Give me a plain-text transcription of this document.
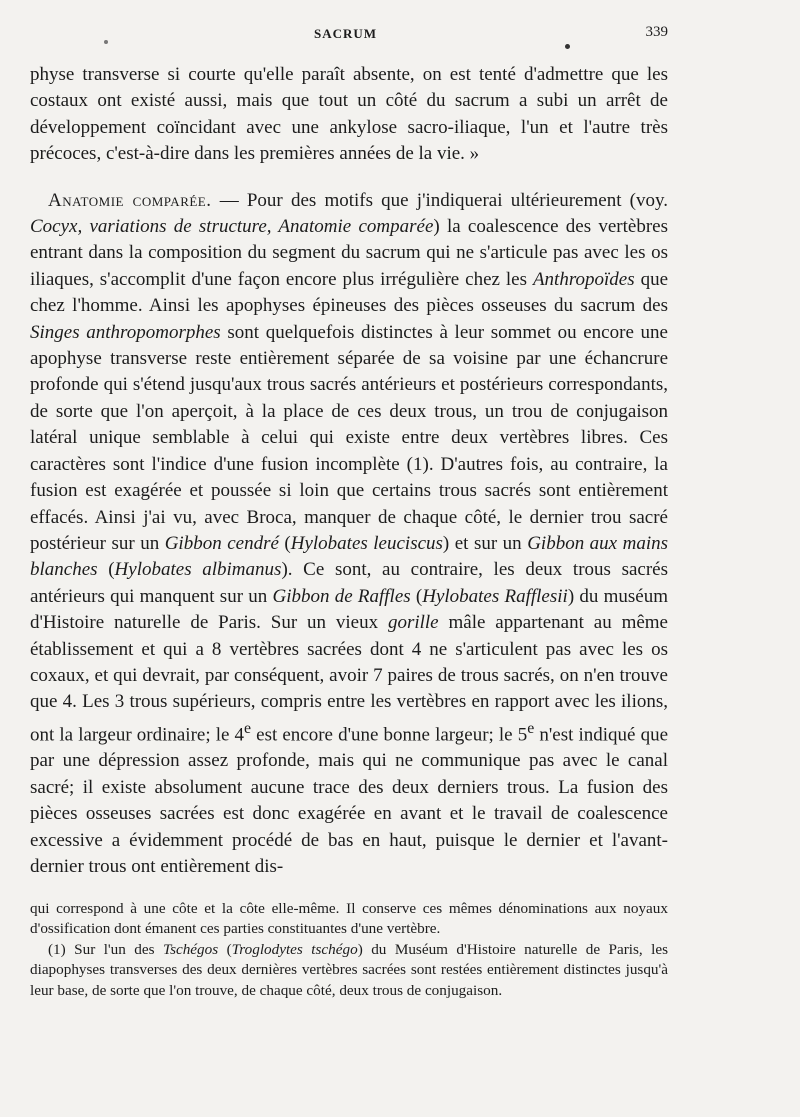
SACRUM	339

physe transverse si courte qu'elle paraît absente, on est tenté d'admettre que les costaux ont existé aussi, mais que tout un côté du sacrum a subi un arrêt de développement coïncidant avec une ankylose sacro-iliaque, l'un et l'autre très précoces, c'est-à-dire dans les premières années de la vie. »

Anatomie comparée. — Pour des motifs que j'indiquerai ultérieurement (voy. Cocyx, variations de structure, Anatomie comparée) la coalescence des vertèbres entrant dans la composition du segment du sacrum qui ne s'articule pas avec les os iliaques, s'accomplit d'une façon encore plus irrégulière chez les Anthropoïdes que chez l'homme. Ainsi les apophyses épineuses des pièces osseuses du sacrum des Singes anthropomorphes sont quelquefois distinctes à leur sommet ou encore une apophyse transverse reste entièrement séparée de sa voisine par une échancrure profonde qui s'étend jusqu'aux trous sacrés antérieurs et postérieurs correspondants, de sorte que l'on aperçoit, à la place de ces deux trous, un trou de conjugaison latéral unique semblable à celui qui existe entre deux vertèbres libres. Ces caractères sont l'indice d'une fusion incomplète (1). D'autres fois, au contraire, la fusion est exagérée et poussée si loin que certains trous sacrés sont entièrement effacés. Ainsi j'ai vu, avec Broca, manquer de chaque côté, le dernier trou sacré postérieur sur un Gibbon cendré (Hylobates leuciscus) et sur un Gibbon aux mains blanches (Hylobates albimanus). Ce sont, au contraire, les deux trous sacrés antérieurs qui manquent sur un Gibbon de Raffles (Hylobates Rafflesii) du muséum d'Histoire naturelle de Paris. Sur un vieux gorille mâle appartenant au même établissement et qui a 8 vertèbres sacrées dont 4 ne s'articulent pas avec les os coxaux, et qui devrait, par conséquent, avoir 7 paires de trous sacrés, on n'en trouve que 4. Les 3 trous supérieurs, compris entre les vertèbres en rapport avec les ilions, ont la largeur ordinaire; le 4e est encore d'une bonne largeur; le 5e n'est indiqué que par une dépression assez profonde, mais qui ne communique pas avec le canal sacré; il existe absolument aucune trace des deux derniers trous. La fusion des pièces osseuses sacrées est donc exagérée en avant et le travail de coalescence excessive a évidemment procédé de bas en haut, puisque le dernier et l'avant-dernier trous ont entièrement dis-

qui correspond à une côte et la côte elle-même. Il conserve ces mêmes dénominations aux noyaux d'ossification dont émanent ces parties constituantes d'une vertèbre.

(1) Sur l'un des Tschégos (Troglodytes tschégo) du Muséum d'Histoire naturelle de Paris, les diapophyses transverses des deux dernières vertèbres sacrées sont restées entièrement distinctes jusqu'à leur base, de sorte que l'on trouve, de chaque côté, deux trous de conjugaison.
